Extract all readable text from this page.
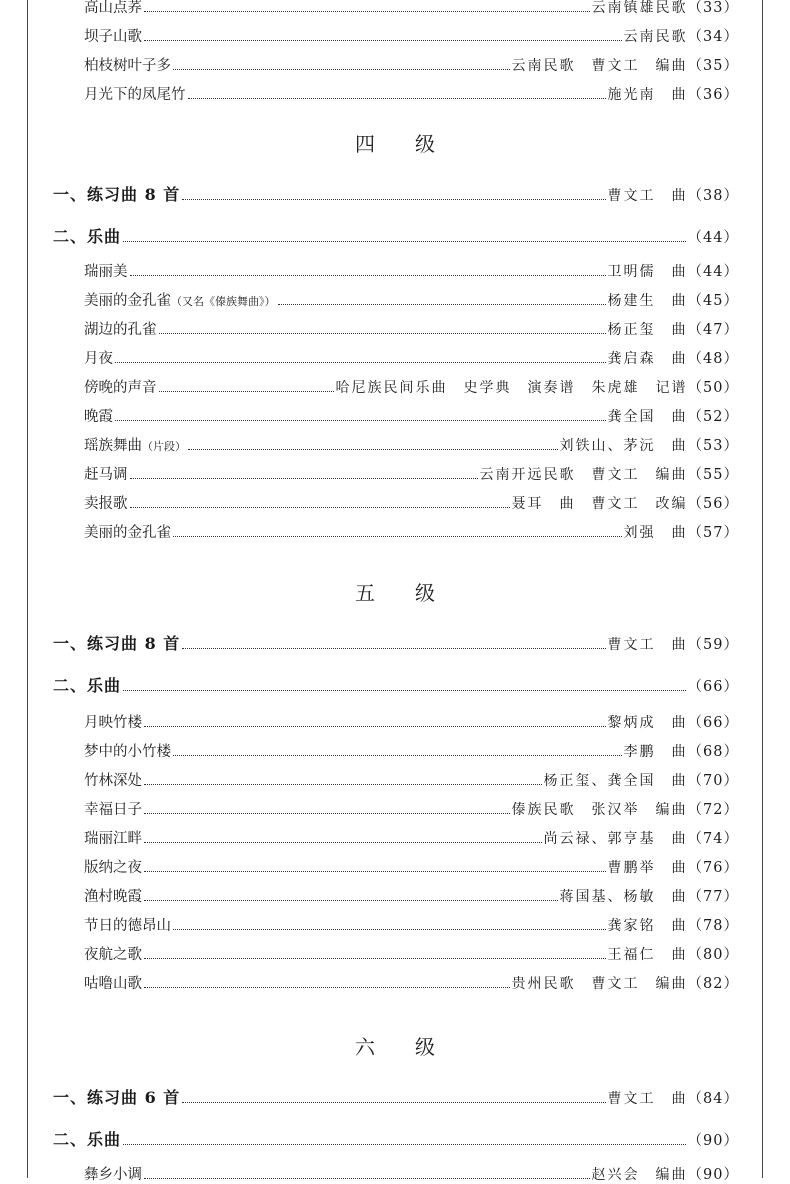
高山点荞	云南镇雄民歌 （33）
坝子山歌	云南民歌 （34）
柏枝树叶子多	云南民歌　曹文工　编曲 （35）
月光下的凤尾竹	施光南　曲 （36）
四级
一、练习曲 8 首	曹文工　曲 （38）
二、乐曲	（44）
瑞丽美	卫明儒　曲 （44）
美丽的金孔雀（又名《傣族舞曲》）	杨建生　曲 （45）
湖边的孔雀	杨正玺　曲 （47）
月夜	龚启森　曲 （48）
傍晚的声音	哈尼族民间乐曲　史学典　演奏谱　朱虎雄　记谱 （50）
晚霞	龚全国　曲 （52）
瑶族舞曲（片段）	刘铁山、茅沅　曲 （53）
赶马调	云南开远民歌　曹文工　编曲 （55）
卖报歌	聂耳　曲　曹文工　改编 （56）
美丽的金孔雀	刘强　曲 （57）
五级
一、练习曲 8 首	曹文工　曲 （59）
二、乐曲	（66）
月映竹楼	黎炳成　曲 （66）
梦中的小竹楼	李鹏　曲 （68）
竹林深处	杨正玺、龚全国　曲 （70）
幸福日子	傣族民歌　张汉举　编曲 （72）
瑞丽江畔	尚云禄、郭亨基　曲 （74）
版纳之夜	曹鹏举　曲 （76）
渔村晚霞	蒋国基、杨敏　曲 （77）
节日的德昂山	龚家铭　曲 （78）
夜航之歌	王福仁　曲 （80）
咕噜山歌	贵州民歌　曹文工　编曲 （82）
六级
一、练习曲 6 首	曹文工　曲 （84）
二、乐曲	（90）
彝乡小调	赵兴会　编曲 （90）
